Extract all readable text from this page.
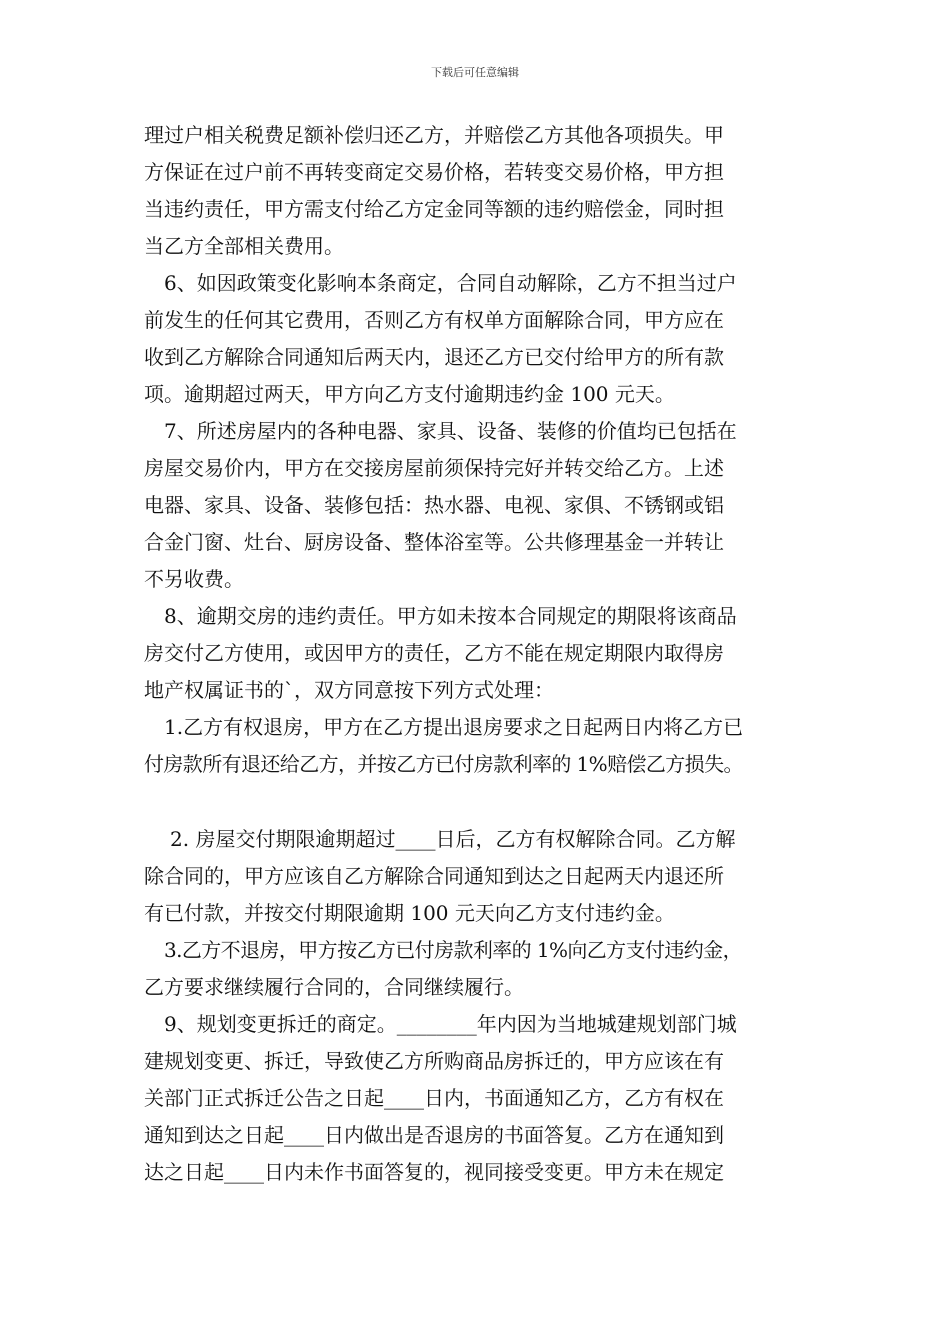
下载后可任意编辑
理过户相关税费足额补偿归还乙方，并赔偿乙方其他各项损失。甲
方保证在过户前不再转变商定交易价格，若转变交易价格，甲方担
当违约责任，甲方需支付给乙方定金同等额的违约赔偿金，同时担
当乙方全部相关费用。
6、如因政策变化影响本条商定，合同自动解除，乙方不担当过户
前发生的任何其它费用，否则乙方有权单方面解除合同，甲方应在
收到乙方解除合同通知后两天内，退还乙方已交付给甲方的所有款
项。逾期超过两天，甲方向乙方支付逾期违约金 100 元天。
7、所述房屋内的各种电器、家具、设备、装修的价值均已包括在
房屋交易价内，甲方在交接房屋前须保持完好并转交给乙方。上述
电器、家具、设备、装修包括：热水器、电视、家俱、不锈钢或铝
合金门窗、灶台、厨房设备、整体浴室等。公共修理基金一并转让
不另收费。
8、逾期交房的违约责任。甲方如未按本合同规定的期限将该商品
房交付乙方使用，或因甲方的责任，乙方不能在规定期限内取得房
地产权属证书的`，双方同意按下列方式处理：
1.乙方有权退房，甲方在乙方提出退房要求之日起两日内将乙方已
付房款所有退还给乙方，并按乙方已付房款利率的 1%赔偿乙方损失。
2. 房屋交付期限逾期超过____日后，乙方有权解除合同。乙方解
除合同的，甲方应该自乙方解除合同通知到达之日起两天内退还所
有已付款，并按交付期限逾期 100 元天向乙方支付违约金。
3.乙方不退房，甲方按乙方已付房款利率的 1%向乙方支付违约金，
乙方要求继续履行合同的，合同继续履行。
9、规划变更拆迁的商定。________年内因为当地城建规划部门城
建规划变更、拆迁，导致使乙方所购商品房拆迁的，甲方应该在有
关部门正式拆迁公告之日起____日内，书面通知乙方，乙方有权在
通知到达之日起____日内做出是否退房的书面答复。乙方在通知到
达之日起____日内未作书面答复的，视同接受变更。甲方未在规定
